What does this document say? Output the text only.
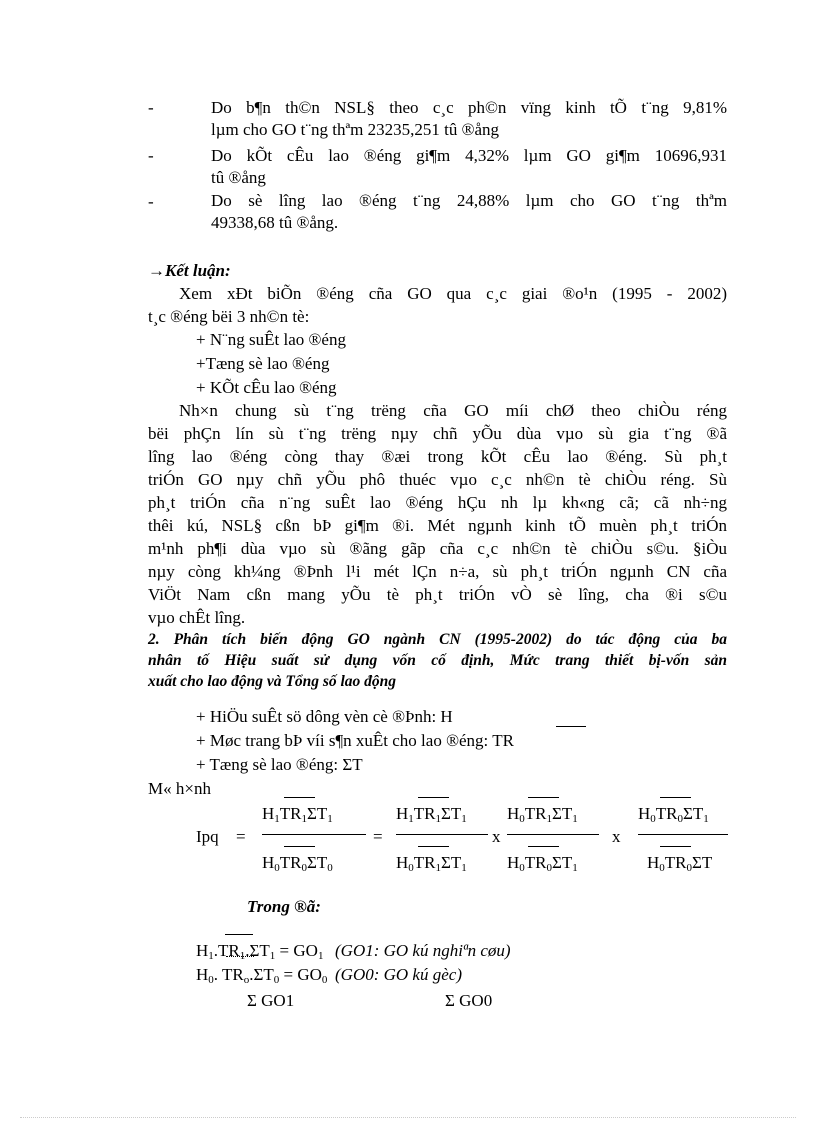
-	Do b¶n th©n NSL§ theo c¸c ph©n vïng kinh tÕ t¨ng 9,81%
lµm cho GO t¨ng thªm 23235,251 tû ®ång
-	Do kÕt cÊu lao ®éng gi¶m 4,32% lµm GO gi¶m 10696,931
tû ®ång
-	Do sè lîng lao ®éng t¨ng 24,88% lµm cho GO t¨ng thªm
49338,68 tû ®ång.
→Kết luận:
Xem xÐt biÕn ®éng cña GO qua c¸c giai ®o¹n (1995 - 2002)
t¸c ®éng bëi 3 nh©n tè:
+ N¨ng suÊt lao ®éng
+Tæng sè lao ®éng
+ KÕt cÊu lao ®éng
Nh×n chung sù t¨ng trëng cña GO míi chØ theo chiÒu réng
bëi phÇn lín sù t¨ng trëng nµy chñ yÕu dùa vµo sù gia t¨ng ®ã
lîng lao ®éng còng thay ®æi trong kÕt cÊu lao ®éng. Sù ph¸t
triÓn GO nµy chñ yÕu phô thuéc vµo c¸c nh©n tè chiÒu réng. Sù
ph¸t triÓn cña n¨ng suÊt lao ®éng hÇu nh lµ kh«ng cã; cã nh÷ng
thêi kú, NSL§ cßn bÞ gi¶m ®i. Mét ngµnh kinh tÕ muèn ph¸t triÓn
m¹nh ph¶i dùa vµo sù ®ãng gãp cña c¸c nh©n tè chiÒu s©u. §iÒu
nµy còng kh¼ng ®Þnh l¹i mét lÇn n÷a, sù ph¸t triÓn ngµnh CN cña
ViÖt Nam cßn mang yÕu tè ph¸t triÓn vÒ sè lîng, cha ®i s©u
vµo chÊt lîng.
2. Phân tích biến động GO ngành CN (1995-2002) do tác động của ba
nhân tố Hiệu suất sử dụng vốn cố định, Mức trang thiết bị-vốn sản
xuất cho lao động và Tổng số lao động
+ HiÖu suÊt sö dông vèn cè ®Þnh: H
+ Møc trang bÞ víi s¶n xuÊt cho lao ®éng: TR
+ Tæng sè lao ®éng: ΣT
M« h×nh
Ipq =
$H_1TR_1\Sigma T_1$
$H_0TR_0\Sigma T_0$
=
$H_1TR_1\Sigma T_1$
$H_0TR_1\Sigma T_1$
x
$H_0TR_1\Sigma T_1$
$H_0TR_0\Sigma T_1$
x
$H_0TR_0\Sigma T_1$
$H_0TR_0\Sigma T$
Trong ®ã:
$H_1.TR_1.\Sigma T_1 = GO_1$ (GO1: GO kú nghiªn cøu)
$H_0$. $TR_o.\Sigma T_0 = GO_0$ (GO0: GO kú gèc)
Σ GO1	Σ GO0
